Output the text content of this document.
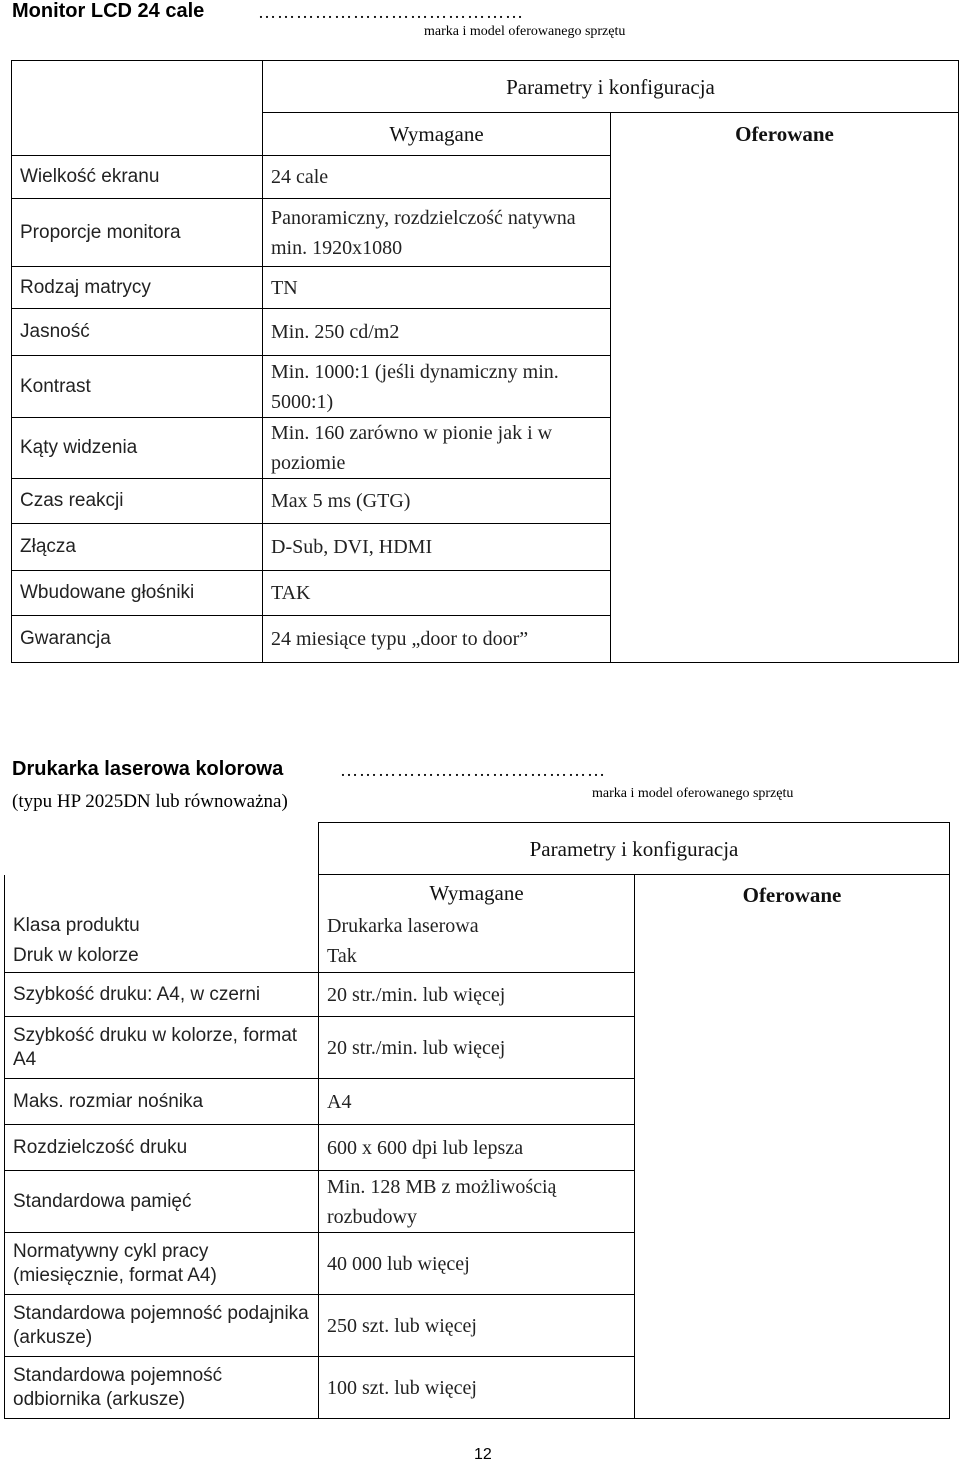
Monitor LCD 24 cale	……………………………………
marka i model oferowanego sprzętu
	Parametry i konfiguracja	
	Wymagane	Oferowane
Wielkość ekranu	24 cale	
Proporcje monitora	Panoramiczny, rozdzielczość natywna min. 1920x1080	
Rodzaj matrycy	TN	
Jasność	Min. 250 cd/m2	
Kontrast	Min. 1000:1 (jeśli dynamiczny min. 5000:1)	
Kąty widzenia	Min. 160 zarówno w pionie jak i w poziomie	
Czas reakcji	Max 5 ms (GTG)	
Złącza	D-Sub, DVI, HDMI	
Wbudowane głośniki	TAK	
Gwarancja	24 miesiące typu „door to door”	
Drukarka laserowa kolorowa	……………………………………
(typu HP 2025DN lub równoważna)	marka i model oferowanego sprzętu
	Parametry i konfiguracja	
	Wymagane	Oferowane
Klasa produktu	Drukarka laserowa	
Druk w kolorze	Tak	
Szybkość druku: A4, w czerni	20 str./min. lub więcej	
Szybkość druku w kolorze, format A4	20 str./min. lub więcej	
Maks. rozmiar nośnika	A4	
Rozdzielczość druku	600 x 600 dpi lub lepsza	
Standardowa pamięć	Min. 128 MB z możliwością rozbudowy	
Normatywny cykl pracy (miesięcznie, format A4)	40 000 lub więcej	
Standardowa pojemność podajnika (arkusze)	250 szt. lub więcej	
Standardowa pojemność odbiornika (arkusze)	100 szt. lub więcej	
12
